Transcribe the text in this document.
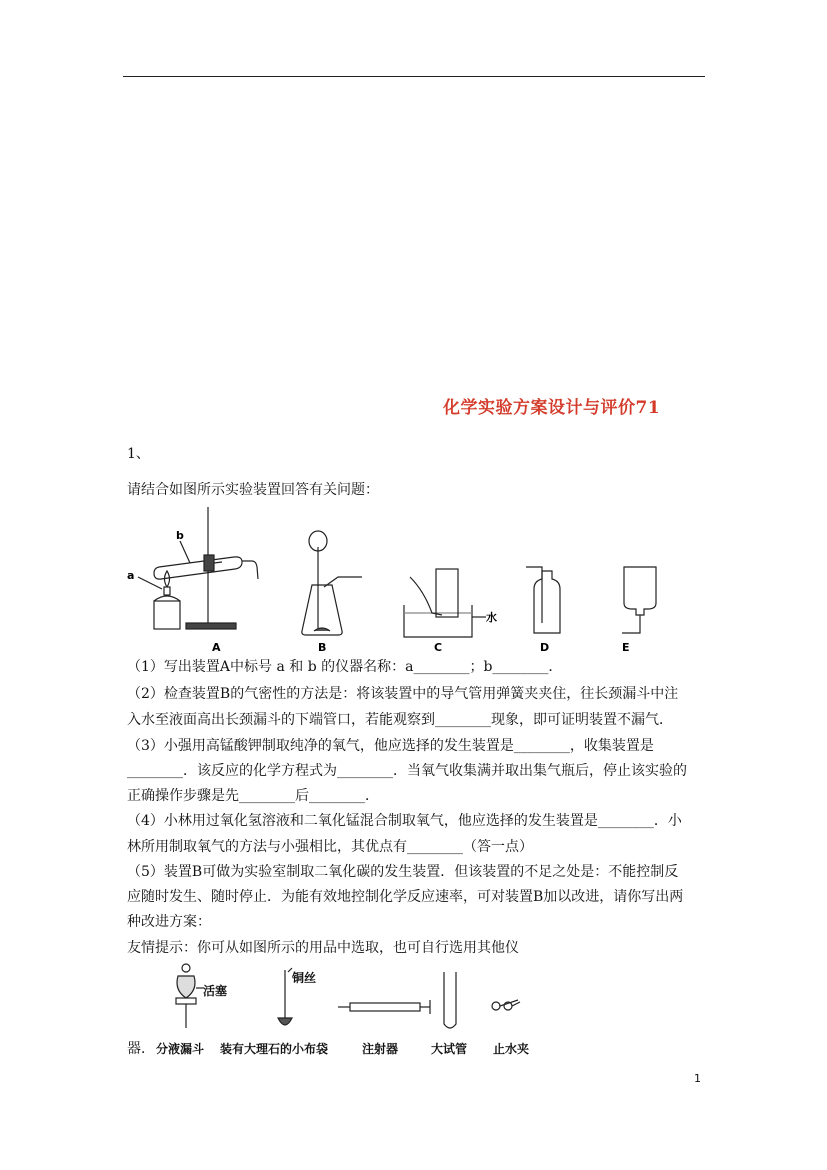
化学实验方案设计与评价71
1、
请结合如图所示实验装置回答有关问题：
a
b
水
A	B	C	D	E
（1）写出装置A中标号 a 和 b 的仪器名称：a________；b________．
（2）检查装置B的气密性的方法是：将该装置中的导气管用弹簧夹夹住，往长颈漏斗中注
入水至液面高出长颈漏斗的下端管口，若能观察到________现象，即可证明装置不漏气．
（3）小强用高锰酸钾制取纯净的氧气，他应选择的发生装置是________，收集装置是
________．该反应的化学方程式为________．当氧气收集满并取出集气瓶后，停止该实验的
正确操作步骤是先________后________．
（4）小林用过氧化氢溶液和二氧化锰混合制取氧气，他应选择的发生装置是________．小
林所用制取氧气的方法与小强相比，其优点有________（答一点）
（5）装置B可做为实验室制取二氧化碳的发生装置．但该装置的不足之处是：不能控制反
应随时发生、随时停止．为能有效地控制化学反应速率，可对装置B加以改进，请你写出两
种改进方案：
友情提示：你可从如图所示的用品中选取，也可自行选用其他仪
活塞
铜丝
器． 分液漏斗 装有大理石的小布袋	注射器	大试管 止水夹
1
